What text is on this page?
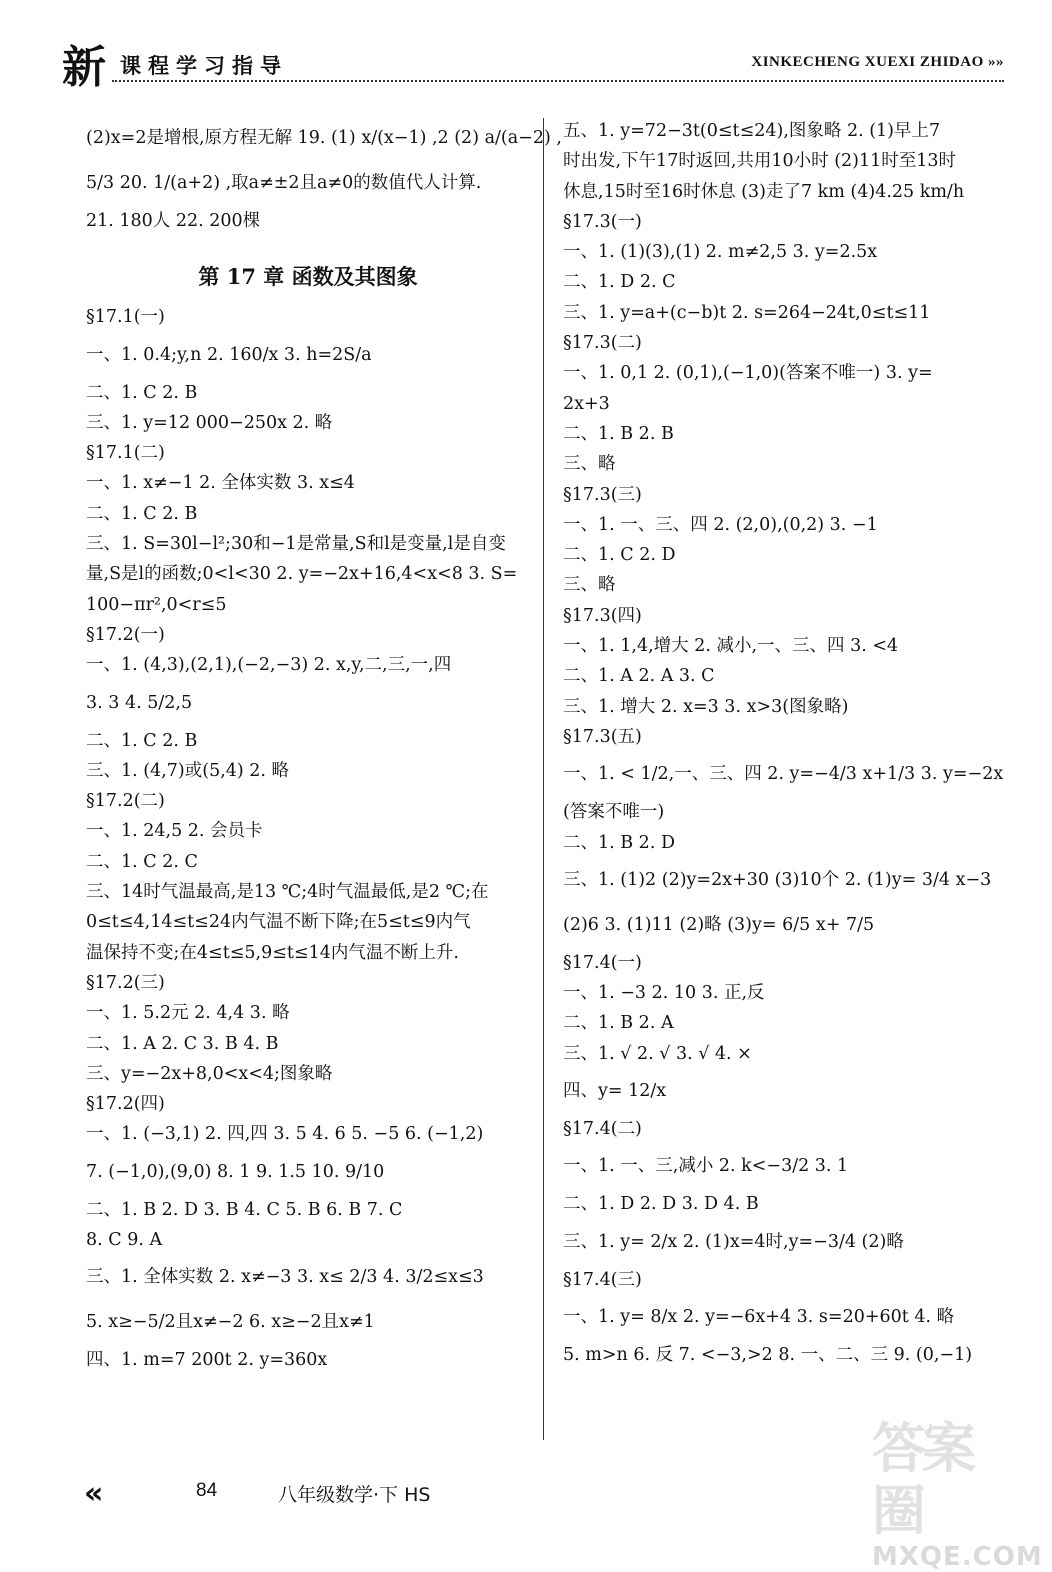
新 课程学习指导	XINKECHENG XUEXI ZHIDAO »»
(2)x=2是增根,原方程无解 19. (1) x/(x−1) ,2 (2) a/(a−2) ,
5/3 20. 1/(a+2) ,取a≠±2且a≠0的数值代人计算.
21. 180人 22. 200棵
第 17 章 函数及其图象
§17.1(一)
一、1. 0.4;y,n 2. 160/x 3. h=2S/a
二、1. C 2. B
三、1. y=12 000−250x 2. 略
§17.1(二)
一、1. x≠−1 2. 全体实数 3. x≤4
二、1. C 2. B
三、1. S=30l−l²;30和−1是常量,S和l是变量,l是自变
量,S是l的函数;0<l<30 2. y=−2x+16,4<x<8 3. S=
100−πr²,0<r≤5
§17.2(一)
一、1. (4,3),(2,1),(−2,−3) 2. x,y,二,三,一,四
3. 3 4. 5/2,5
二、1. C 2. B
三、1. (4,7)或(5,4) 2. 略
§17.2(二)
一、1. 24,5 2. 会员卡
二、1. C 2. C
三、14时气温最高,是13 ℃;4时气温最低,是2 ℃;在
0≤t≤4,14≤t≤24内气温不断下降;在5≤t≤9内气
温保持不变;在4≤t≤5,9≤t≤14内气温不断上升.
§17.2(三)
一、1. 5.2元 2. 4,4 3. 略
二、1. A 2. C 3. B 4. B
三、y=−2x+8,0<x<4;图象略
§17.2(四)
一、1. (−3,1) 2. 四,四 3. 5 4. 6 5. −5 6. (−1,2)
7. (−1,0),(9,0) 8. 1 9. 1.5 10. 9/10
二、1. B 2. D 3. B 4. C 5. B 6. B 7. C
8. C 9. A
三、1. 全体实数 2. x≠−3 3. x≤ 2/3 4. 3/2≤x≤3
5. x≥−5/2且x≠−2 6. x≥−2且x≠1
四、1. m=7 200t 2. y=360x
五、1. y=72−3t(0≤t≤24),图象略 2. (1)早上7
时出发,下午17时返回,共用10小时 (2)11时至13时
休息,15时至16时休息 (3)走了7 km (4)4.25 km/h
§17.3(一)
一、1. (1)(3),(1) 2. m≠2,5 3. y=2.5x
二、1. D 2. C
三、1. y=a+(c−b)t 2. s=264−24t,0≤t≤11
§17.3(二)
一、1. 0,1 2. (0,1),(−1,0)(答案不唯一) 3. y=
2x+3
二、1. B 2. B
三、略
§17.3(三)
一、1. 一、三、四 2. (2,0),(0,2) 3. −1
二、1. C 2. D
三、略
§17.3(四)
一、1. 1,4,增大 2. 减小,一、三、四 3. <4
二、1. A 2. A 3. C
三、1. 增大 2. x=3 3. x>3(图象略)
§17.3(五)
一、1. < 1/2,一、三、四 2. y=−4/3 x+1/3 3. y=−2x
(答案不唯一)
二、1. B 2. D
三、1. (1)2 (2)y=2x+30 (3)10个 2. (1)y= 3/4 x−3
(2)6 3. (1)11 (2)略 (3)y= 6/5 x+ 7/5
§17.4(一)
一、1. −3 2. 10 3. 正,反
二、1. B 2. A
三、1. √ 2. √ 3. √ 4. ×
四、y= 12/x
§17.4(二)
一、1. 一、三,减小 2. k<−3/2 3. 1
二、1. D 2. D 3. D 4. B
三、1. y= 2/x 2. (1)x=4时,y=−3/4 (2)略
§17.4(三)
一、1. y= 8/x 2. y=−6x+4 3. s=20+60t 4. 略
5. m>n 6. 反 7. <−3,>2 8. 一、二、三 9. (0,−1)
«	84	八年级数学·下 HS
答案圈
MXQE.COM
